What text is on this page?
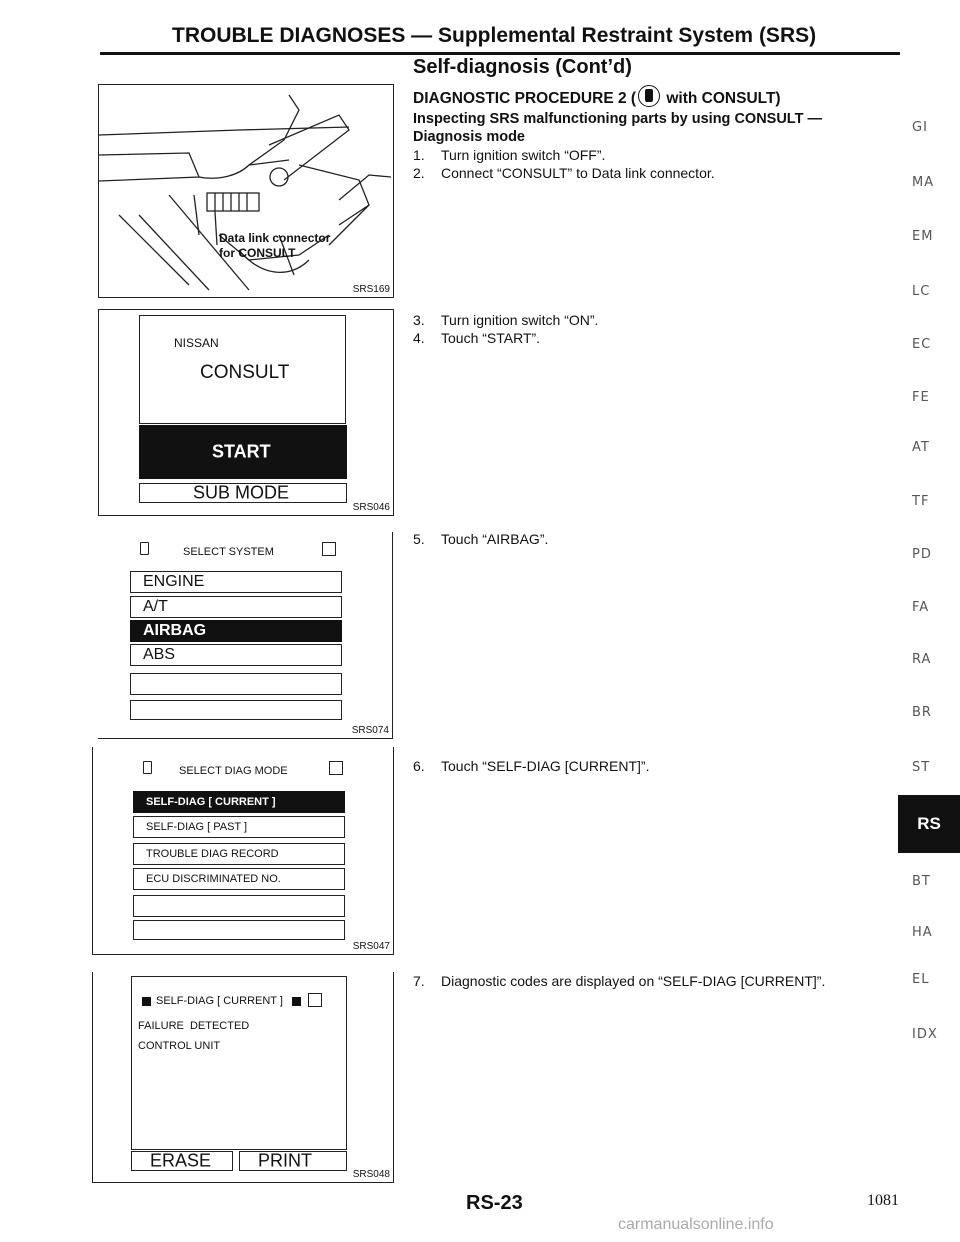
TROUBLE DIAGNOSES — Supplemental Restraint System (SRS)
Self-diagnosis (Cont’d)
DIAGNOSTIC PROCEDURE 2 ( with CONSULT)
Inspecting SRS malfunctioning parts by using CONSULT — Diagnosis mode
1. Turn ignition switch “OFF”.
2. Connect “CONSULT” to Data link connector.
3. Turn ignition switch “ON”.
4. Touch “START”.
5. Touch “AIRBAG”.
6. Touch “SELF-DIAG [CURRENT]”.
7. Diagnostic codes are displayed on “SELF-DIAG [CURRENT]”.
Data link connector
for CONSULT
SRS169
NISSAN
CONSULT
START
SUB MODE
SRS046
SELECT SYSTEM
ENGINE
A/T
AIRBAG
ABS
SRS074
SELECT DIAG MODE
SELF-DIAG [ CURRENT ]
SELF-DIAG [ PAST ]
TROUBLE DIAG RECORD
ECU DISCRIMINATED NO.
SRS047
SELF-DIAG [ CURRENT ]
FAILURE  DETECTED
CONTROL UNIT
ERASE	PRINT
SRS048
GI
MA
EM
LC
EC
FE
AT
TF
PD
FA
RA
BR
ST
RS
BT
HA
EL
IDX
RS-23	1081
carmanualsonline.info
